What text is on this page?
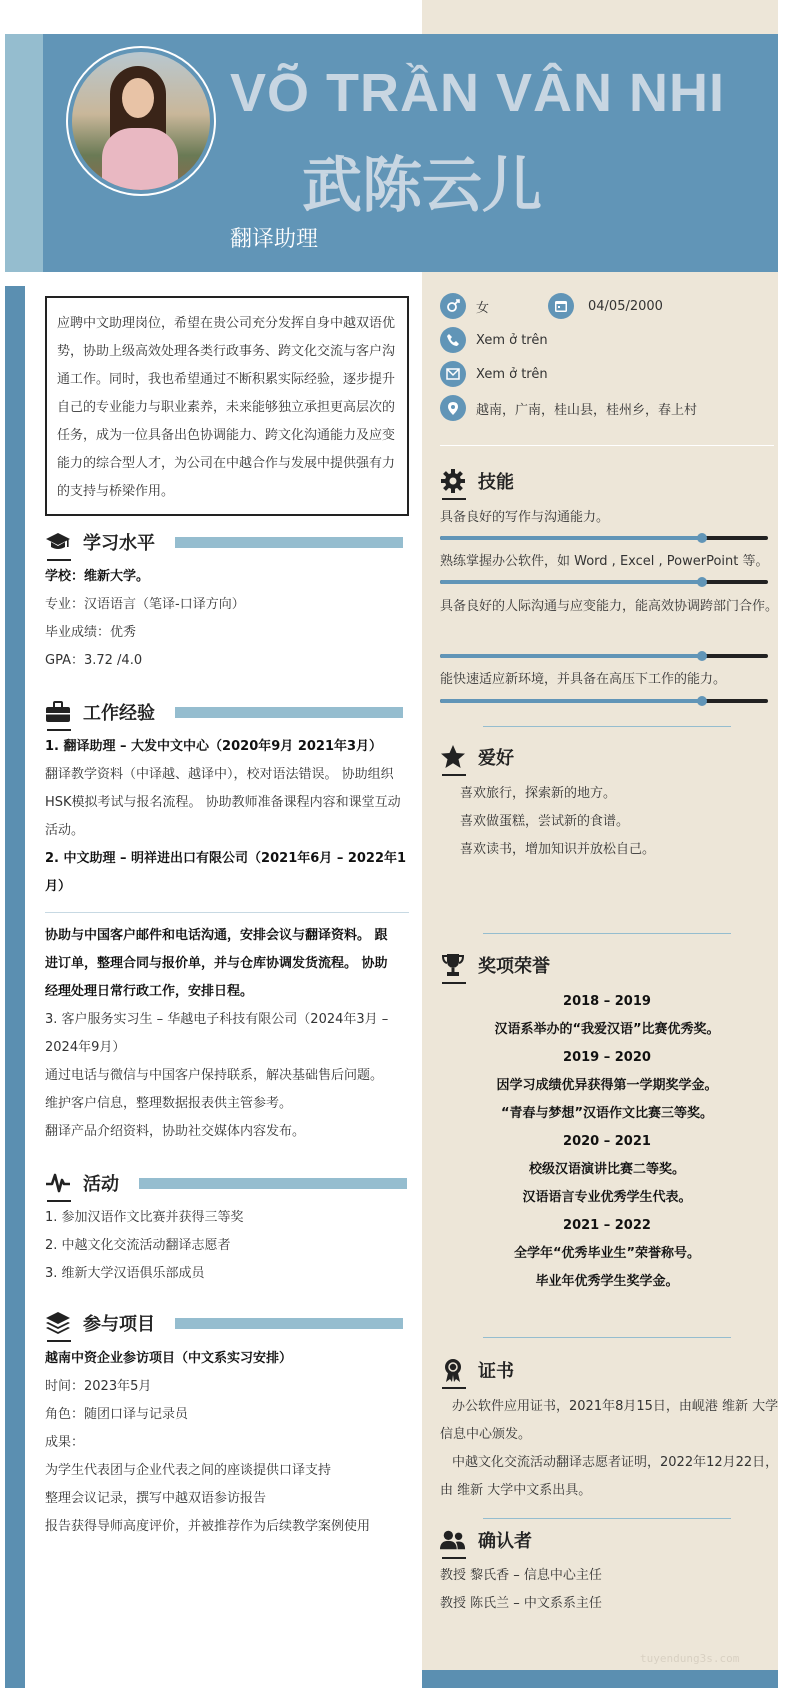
VÕ TRẦN VÂN NHI
武陈云儿
翻译助理
应聘中文助理岗位，希望在贵公司充分发挥自身中越双语优势，协助上级高效处理各类行政事务、跨文化交流与客户沟通工作。同时，我也希望通过不断积累实际经验，逐步提升自己的专业能力与职业素养，未来能够独立承担更高层次的任务，成为一位具备出色协调能力、跨文化沟通能力及应变能力的综合型人才，为公司在中越合作与发展中提供强有力的支持与桥梁作用。
学习水平
学校：维新大学。
专业：汉语语言（笔译-口译方向）
毕业成绩：优秀
GPA：3.72 /4.0
工作经验
1. 翻译助理 – 大发中文中心（2020年9月 2021年3月）
翻译教学资料（中译越、越译中），校对语法错误。 协助组织
HSK模拟考试与报名流程。 协助教师准备课程内容和课堂互动
活动。
2. 中文助理 – 明祥进出口有限公司（2021年6月 – 2022年1
月）
协助与中国客户邮件和电话沟通，安排会议与翻译资料。 跟
进订单，整理合同与报价单，并与仓库协调发货流程。 协助
经理处理日常行政工作，安排日程。
3. 客户服务实习生 – 华越电子科技有限公司（2024年3月 –
2024年9月）
通过电话与微信与中国客户保持联系，解决基础售后问题。
维护客户信息，整理数据报表供主管参考。
翻译产品介绍资料，协助社交媒体内容发布。
活动
1. 参加汉语作文比赛并获得三等奖
2. 中越文化交流活动翻译志愿者
3. 维新大学汉语俱乐部成员
参与项目
越南中资企业参访项目（中文系实习安排）
时间：2023年5月
角色：随团口译与记录员
成果：
为学生代表团与企业代表之间的座谈提供口译支持
整理会议记录，撰写中越双语参访报告
报告获得导师高度评价，并被推荐作为后续教学案例使用
女	04/05/2000
Xem ở trên
Xem ở trên
越南，广南，桂山县，桂州乡，春上村
技能
具备良好的写作与沟通能力。
熟练掌握办公软件，如 Word , Excel , PowerPoint 等。
具备良好的人际沟通与应变能力，能高效协调跨部门合作。
能快速适应新环境，并具备在高压下工作的能力。
爱好
喜欢旅行，探索新的地方。
喜欢做蛋糕，尝试新的食谱。
喜欢读书，增加知识并放松自己。
奖项荣誉
2018 – 2019
汉语系举办的“我爱汉语”比赛优秀奖。
2019 – 2020
因学习成绩优异获得第一学期奖学金。
“青春与梦想”汉语作文比赛三等奖。
2020 – 2021
校级汉语演讲比赛二等奖。
汉语语言专业优秀学生代表。
2021 – 2022
全学年“优秀毕业生”荣誉称号。
毕业年优秀学生奖学金。
证书
办公软件应用证书，2021年8月15日，由岘港 维新 大学
信息中心颁发。
中越文化交流活动翻译志愿者证明，2022年12月22日，
由 维新 大学中文系出具。
确认者
教授 黎氏香 – 信息中心主任
教授 陈氏兰 – 中文系系主任
tuyendung3s.com
